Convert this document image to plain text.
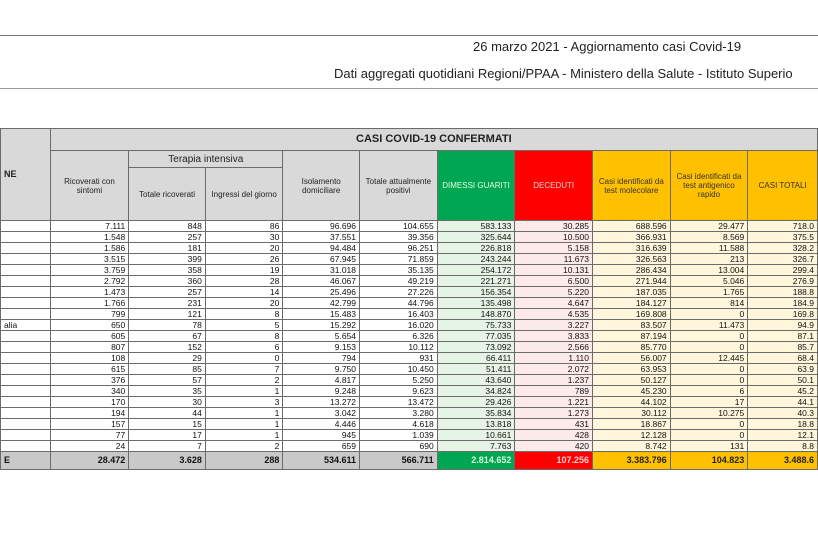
26 marzo 2021 - Aggiornamento casi Covid-19
Dati aggregati quotidiani Regioni/PPAA - Ministero della Salute - Istituto Superio
NE	CASI COVID-19 CONFERMATI									
	Ricoverati con sintomi	Terapia intensiva		Isolamento domiciliare	Totale attualmente positivi	DIMESSI GUARITI	DECEDUTI	Casi identificati da test molecolare	Casi identificati da test antigenico rapido	CASI TOTALI
		Totale ricoverati	Ingressi del giorno							
	7.111	848	86	96.696	104.655	583.133	30.285	688.596	29.477	718.0
	1.548	257	30	37.551	39.356	325.644	10.500	366.931	8.569	375.5
	1.586	181	20	94.484	96.251	226.818	5.158	316.639	11.588	328.2
	3.515	399	26	67.945	71.859	243.244	11.673	326.563	213	326.7
	3.759	358	19	31.018	35.135	254.172	10.131	286.434	13.004	299.4
	2.792	360	28	46.067	49.219	221.271	6.500	271.944	5.046	276.9
	1.473	257	14	25.496	27.226	156.354	5.220	187.035	1.765	188.8
	1.766	231	20	42.799	44.796	135.498	4.647	184.127	814	184.9
	799	121	8	15.483	16.403	148.870	4.535	169.808	0	169.8
alia	650	78	5	15.292	16.020	75.733	3.227	83.507	11.473	94.9
	605	67	8	5.654	6.326	77.035	3.833	87.194	0	87.1
	807	152	6	9.153	10.112	73.092	2.566	85.770	0	85.7
	108	29	0	794	931	66.411	1.110	56.007	12.445	68.4
	615	85	7	9.750	10.450	51.411	2.072	63.953	0	63.9
	376	57	2	4.817	5.250	43.640	1.237	50.127	0	50.1
	340	35	1	9.248	9.623	34.824	789	45.230	6	45.2
	170	30	3	13.272	13.472	29.426	1.221	44.102	17	44.1
	194	44	1	3.042	3.280	35.834	1.273	30.112	10.275	40.3
	157	15	1	4.446	4.618	13.818	431	18.867	0	18.8
	77	17	1	945	1.039	10.661	428	12.128	0	12.1
	24	7	2	659	690	7.763	420	8.742	131	8.8
E	28.472	3.628	288	534.611	566.711	2.814.652	107.256	3.383.796	104.823	3.488.6
